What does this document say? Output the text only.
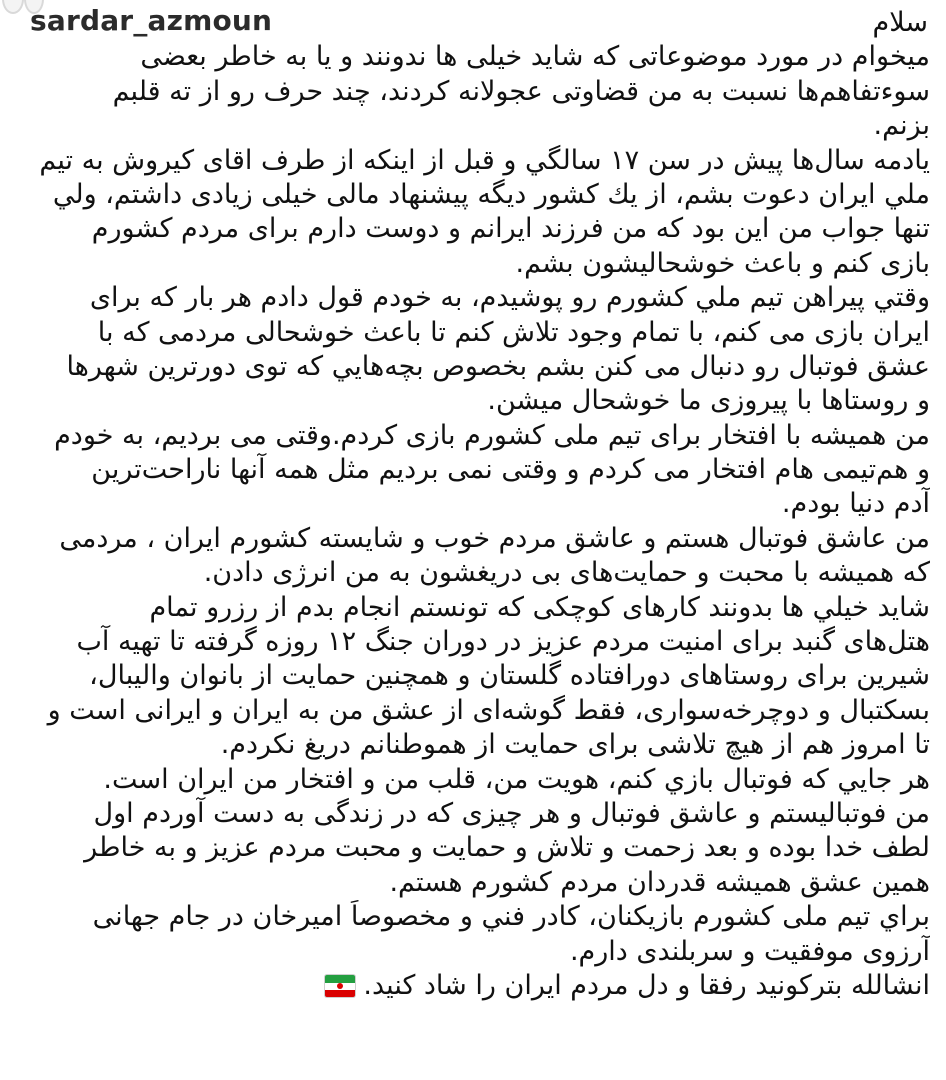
sardar_azmoun	سلام
میخوام در مورد موضوعاتی که شاید خیلی ها ندونند و یا به خاطر بعضی
سوءتفاهم‌ها نسبت به من قضاوتی عجولانه کردند، چند حرف رو از ته قلبم
بزنم.
یادمه سال‌ها پیش در سن ۱۷ سالگي و قبل از اینکه از طرف اقای کیروش به تیم
ملي ایران دعوت بشم، از يك كشور ديگه پیشنهاد مالی خیلی زیادی داشتم، ولي
تنها جواب من این بود که من فرزند ایرانم و دوست دارم برای مردم کشورم
بازی کنم و باعث خوشحالیشون بشم.
وقتي پيراهن تيم ملي کشورم رو پوشيدم، به خودم قول دادم هر بار که برای
ایران بازی می کنم، با تمام وجود تلاش کنم تا باعث خوشحالی مردمی که با
عشق فوتبال رو دنبال می کنن بشم بخصوص بچه‌هايي که توی دورترین شهرها
و روستاها با پیروزی ما خوشحال میشن.
من همیشه با افتخار برای تیم ملی کشورم بازی کردم.وقتی می بردیم، به خودم
و هم‌تیمی هام افتخار می کردم و وقتی نمی بردیم مثل همه آنها ناراحت‌ترین
آدم دنیا بودم.
من عاشق فوتبال هستم و عاشق مردم خوب و شایسته کشورم ایران ، مردمی
که همیشه با محبت و حمایت‌های بی دریغشون به من انرژی دادن.
شاید خيلي ها بدونند کارهای کوچکی که تونستم انجام بدم از رزرو تمام
هتل‌های گنبد برای امنیت مردم عزیز در دوران جنگ ۱۲ روزه گرفته تا تهیه آب
شیرین برای روستاهای دورافتاده گلستان و همچنین حمایت از بانوان والیبال،
بسکتبال و دوچرخه‌سواری، فقط گوشه‌ای از عشق من به ایران و ایرانی است و
تا امروز هم از هیچ تلاشی برای حمایت از هموطنانم دریغ نکردم.
هر جايي که فوتبال بازي کنم، هويت من، قلب من و افتخار من ایران است.
من فوتبالیستم و عاشق فوتبال و هر چیزی که در زندگی به دست آوردم اول
لطف خدا بوده و بعد زحمت و تلاش و حمایت و محبت مردم عزیز و به خاطر
همین عشق همیشه قدردان مردم کشورم هستم.
براي تيم ملی کشورم بازيكنان، كادر فني و مخصوصاً اميرخان در جام جهانی
آرزوی موفقیت و سربلندی دارم.
انشالله بترکونید رفقا و دل مردم ایران را شاد کنید.
